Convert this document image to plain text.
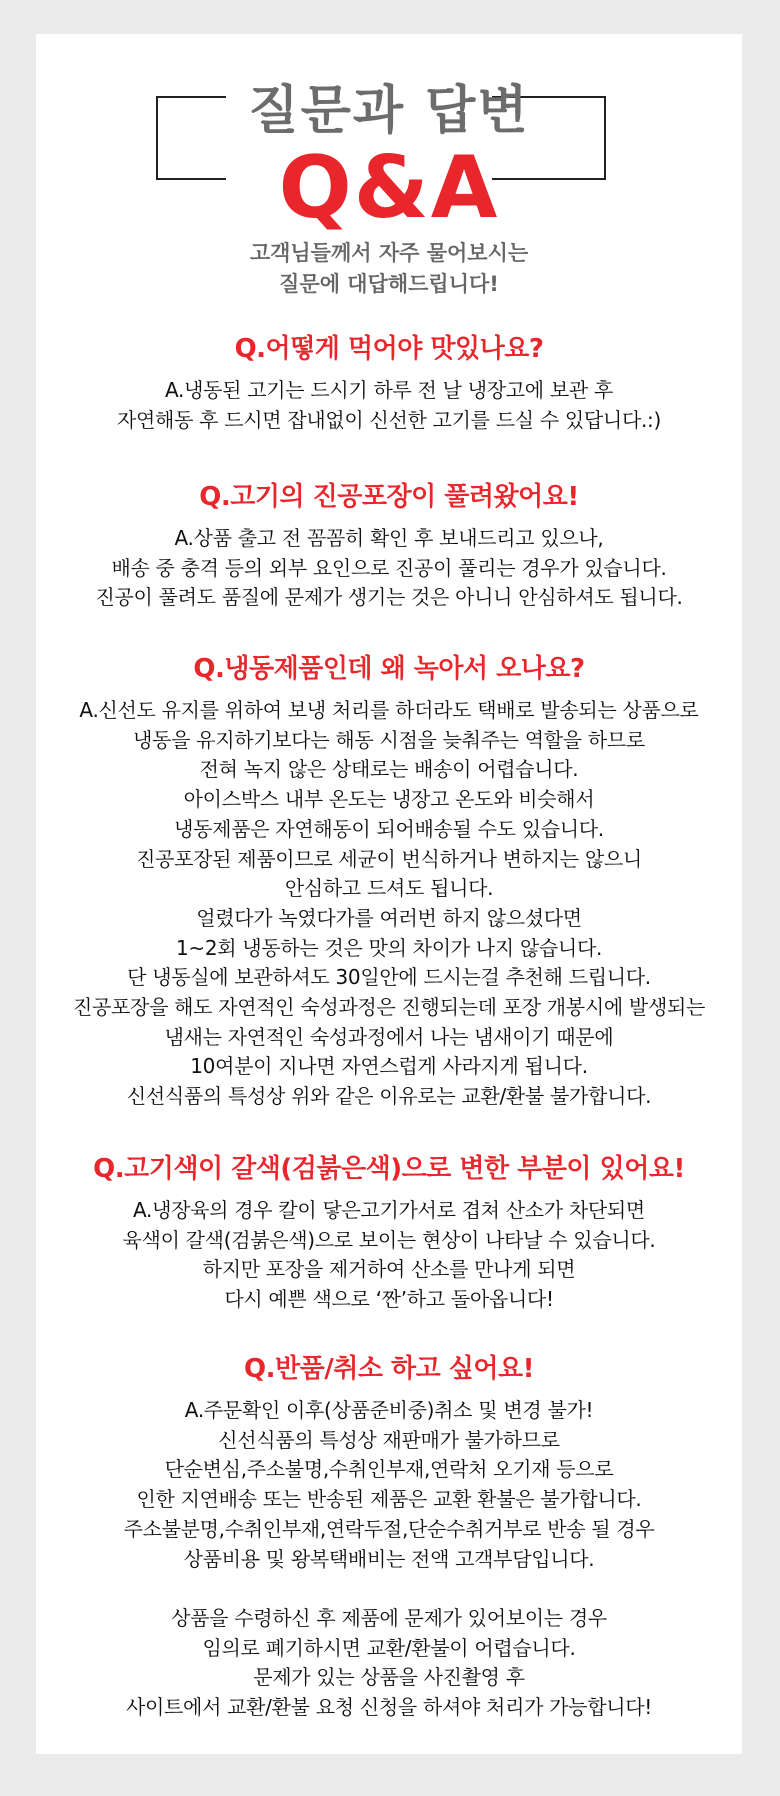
질문과 답변
Q&A
고객님들께서 자주 물어보시는
질문에 대답해드립니다!
Q.어떻게 먹어야 맛있나요?
A.냉동된 고기는 드시기 하루 전 날 냉장고에 보관 후
자연해동 후 드시면 잡내없이 신선한 고기를 드실 수 있답니다.:)
Q.고기의 진공포장이 풀려왔어요!
A.상품 출고 전 꼼꼼히 확인 후 보내드리고 있으나,
배송 중 충격 등의 외부 요인으로 진공이 풀리는 경우가 있습니다.
진공이 풀려도 품질에 문제가 생기는 것은 아니니 안심하셔도 됩니다.
Q.냉동제품인데 왜 녹아서 오나요?
A.신선도 유지를 위하여 보냉 처리를 하더라도 택배로 발송되는 상품으로
냉동을 유지하기보다는 해동 시점을 늦춰주는 역할을 하므로
전혀 녹지 않은 상태로는 배송이 어렵습니다.
아이스박스 내부 온도는 냉장고 온도와 비슷해서
냉동제품은 자연해동이 되어배송될 수도 있습니다.
진공포장된 제품이므로 세균이 번식하거나 변하지는 않으니
안심하고 드셔도 됩니다.
얼렸다가 녹였다가를 여러번 하지 않으셨다면
1~2회 냉동하는 것은 맛의 차이가 나지 않습니다.
단 냉동실에 보관하셔도 30일안에 드시는걸 추천해 드립니다.
진공포장을 해도 자연적인 숙성과정은 진행되는데 포장 개봉시에 발생되는
냄새는 자연적인 숙성과정에서 나는 냄새이기 때문에
10여분이 지나면 자연스럽게 사라지게 됩니다.
신선식품의 특성상 위와 같은 이유로는 교환/환불 불가합니다.
Q.고기색이 갈색(검붉은색)으로 변한 부분이 있어요!
A.냉장육의 경우 칼이 닿은고기가서로 겹쳐 산소가 차단되면
육색이 갈색(검붉은색)으로 보이는 현상이 나타날 수 있습니다.
하지만 포장을 제거하여 산소를 만나게 되면
다시 예쁜 색으로 ‘짠’하고 돌아옵니다!
Q.반품/취소 하고 싶어요!
A.주문확인 이후(상품준비중)취소 및 변경 불가!
신선식품의 특성상 재판매가 불가하므로
단순변심,주소불명,수취인부재,연락처 오기재 등으로
인한 지연배송 또는 반송된 제품은 교환 환불은 불가합니다.
주소불분명,수취인부재,연락두절,단순수취거부로 반송 될 경우
상품비용 및 왕복택배비는 전액 고객부담입니다.
상품을 수령하신 후 제품에 문제가 있어보이는 경우
임의로 폐기하시면 교환/환불이 어렵습니다.
문제가 있는 상품을 사진촬영 후
사이트에서 교환/환불 요청 신청을 하셔야 처리가 가능합니다!
